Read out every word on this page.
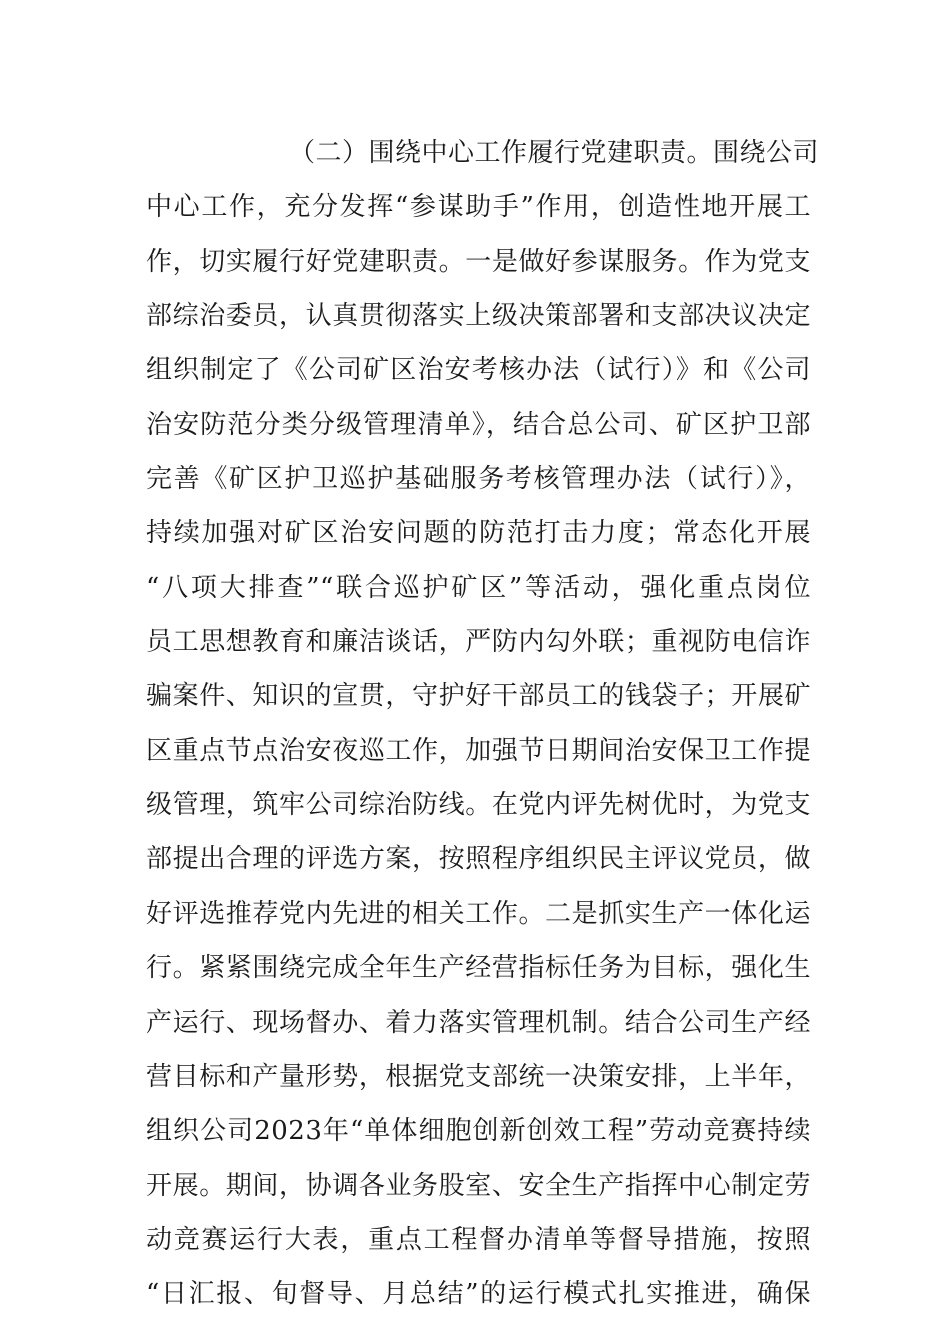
（二）围绕中心工作履行党建职责。围绕公司
中心工作，充分发挥“参谋助手”作用，创造性地开展工
作，切实履行好党建职责。一是做好参谋服务。作为党支
部综治委员，认真贯彻落实上级决策部署和支部决议决定
组织制定了《公司矿区治安考核办法（试行）》和《公司
治安防范分类分级管理清单》，结合总公司、矿区护卫部
完善《矿区护卫巡护基础服务考核管理办法（试行）》，
持续加强对矿区治安问题的防范打击力度；常态化开展
“八项大排查”“联合巡护矿区”等活动，强化重点岗位
员工思想教育和廉洁谈话，严防内勾外联；重视防电信诈
骗案件、知识的宣贯，守护好干部员工的钱袋子；开展矿
区重点节点治安夜巡工作，加强节日期间治安保卫工作提
级管理，筑牢公司综治防线。在党内评先树优时，为党支
部提出合理的评选方案，按照程序组织民主评议党员，做
好评选推荐党内先进的相关工作。二是抓实生产一体化运
行。紧紧围绕完成全年生产经营指标任务为目标，强化生
产运行、现场督办、着力落实管理机制。结合公司生产经
营目标和产量形势，根据党支部统一决策安排，上半年，
组织公司2023年“单体细胞创新创效工程”劳动竞赛持续
开展。期间，协调各业务股室、安全生产指挥中心制定劳
动竞赛运行大表，重点工程督办清单等督导措施，按照
“日汇报、旬督导、月总结”的运行模式扎实推进，确保
